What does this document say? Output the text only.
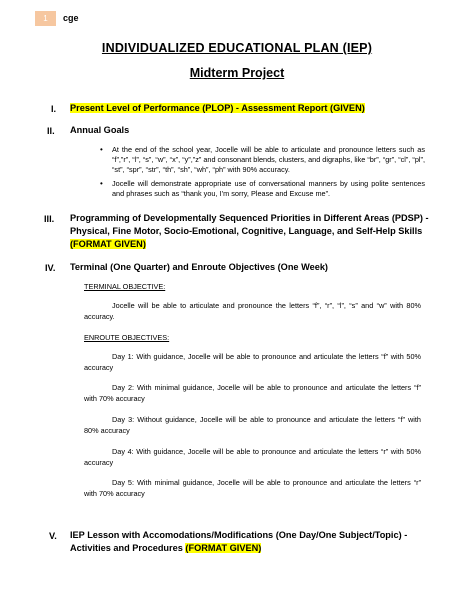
1	cge
INDIVIDUALIZED EDUCATIONAL PLAN (IEP)
Midterm Project
I. Present Level of Performance (PLOP) - Assessment Report (GIVEN)
II. Annual Goals
• At the end of the school year, Jocelle will be able to articulate and pronounce letters such as “f”,”r”, “l”, “s”, “w”, “x”, “y”,”z” and consonant blends, clusters, and digraphs, like “br”, “gr”, “cl”, “pl”, “st”, “spr”, “str”, “th”, “sh”, “wh”, “ph” with 90% accuracy.
• Jocelle will demonstrate appropriate use of conversational manners by using polite sentences and phrases such as “thank you, I’m sorry, Please and Excuse me”.
III. Programming of Developmentally Sequenced Priorities in Different Areas (PDSP) -
Physical, Fine Motor, Socio-Emotional, Cognitive, Language, and Self-Help Skills
(FORMAT GIVEN)
IV. Terminal (One Quarter) and Enroute Objectives (One Week)
TERMINAL OBJECTIVE:
Jocelle will be able to articulate and pronounce the letters “f”, “r”, “l”, “s” and “w” with 80% accuracy.
ENROUTE OBJECTIVES:
Day 1: With guidance, Jocelle will be able to pronounce and articulate the letters “f” with 50% accuracy
Day 2: With minimal guidance, Jocelle will be able to pronounce and articulate the letters “f” with 70% accuracy
Day 3: Without guidance, Jocelle will be able to pronounce and articulate the letters “f” with 80% accuracy
Day 4: With guidance, Jocelle will be able to pronounce and articulate the letters “r” with 50% accuracy
Day 5: With minimal guidance, Jocelle will be able to pronounce and articulate the letters “r” with 70% accuracy
V. IEP Lesson with Accomodations/Modifications (One Day/One Subject/Topic) -
Activities and Procedures (FORMAT GIVEN)
